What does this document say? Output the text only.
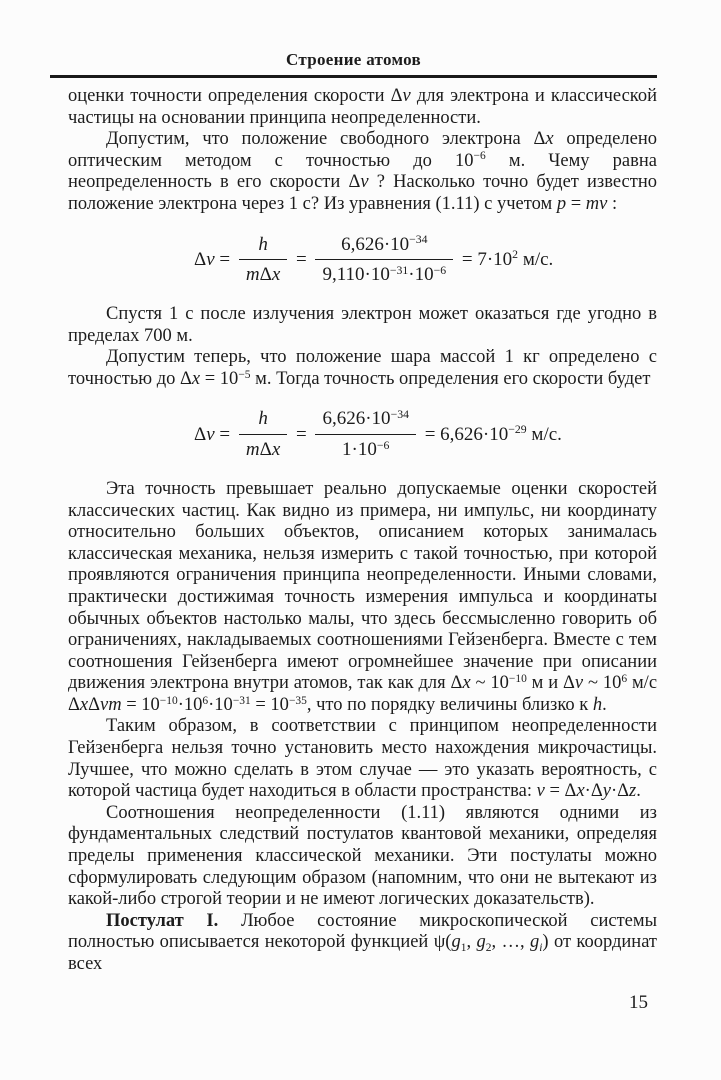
Строение атомов

оценки точности определения скорости Δv для электрона и классической частицы на основании принципа неопределенности.

Допустим, что положение свободного электрона Δx определено оптическим методом с точностью до $10^{-6}$ м. Чему равна неопределенность в его скорости Δv ? Насколько точно будет известно положение электрона через 1 с? Из уравнения (1.11) с учетом p = mv :

$\Delta v = \frac{h}{\text{mΔx}} = \frac{6,626\cdot 10^{-34}}{9,110\cdot 10^{-31}\cdot 10^{-6}} = 7\cdot 10^2$ м/с.

Спустя 1 с после излучения электрон может оказаться где угодно в пределах 700 м.

Допустим теперь, что положение шара массой 1 кг определено с точностью до $\Delta x = 10^{-5}$ м. Тогда точность определения его скорости будет

$\Delta v = \frac{h}{\text{mΔx}} = \frac{6,626\cdot 10^{-34}}{1\cdot 10^{-6}} = 6,626\cdot 10^{-29}$ м/с.

Эта точность превышает реально допускаемые оценки скоростей классических частиц. Как видно из примера, ни импульс, ни координату относительно больших объектов, описанием которых занималась классическая механика, нельзя измерить с такой точностью, при которой проявляются ограничения принципа неопределенности. Иными словами, практически достижимая точность измерения импульса и координаты обычных объектов настолько малы, что здесь бессмысленно говорить об ограничениях, накладываемых соотношениями Гейзенберга. Вместе с тем соотношения Гейзенберга имеют огромнейшее значение при описании движения электрона внутри атомов, так как для Δx ~ $10^{-10}$ м и Δv ~ $10^6$ м/с $\Delta x\Delta vm = 10^{-10}\cdot 10^6\cdot 10^{-31} = 10^{-35}$, что по порядку величины близко к h.

Таким образом, в соответствии с принципом неопределенности Гейзенберга нельзя точно установить место нахождения микрочастицы. Лучшее, что можно сделать в этом случае — это указать вероятность, с которой частица будет находиться в области пространства: v = Δx·Δy·Δz.

Соотношения неопределенности (1.11) являются одними из фундаментальных следствий постулатов квантовой механики, определяя пределы применения классической механики. Эти постулаты можно сформулировать следующим образом (напомним, что они не вытекают из какой-либо строгой теории и не имеют логических доказательств).

Постулат I. Любое состояние микроскопической системы полностью описывается некоторой функцией ψ(g1, g2, …, gi) от координат всех

15
